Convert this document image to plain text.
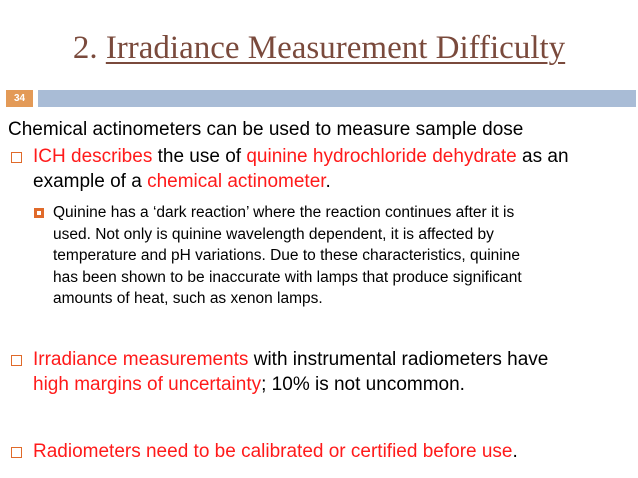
2. Irradiance Measurement Difficulty
34
Chemical actinometers can be used to measure sample dose
ICH describes the use of quinine hydrochloride dehydrate as an
example of a chemical actinometer.
Quinine has a ‘dark reaction’ where the reaction continues after it is
used. Not only is quinine wavelength dependent, it is affected by
temperature and pH variations. Due to these characteristics, quinine
has been shown to be inaccurate with lamps that produce significant
amounts of heat, such as xenon lamps.
Irradiance measurements with instrumental radiometers have
high margins of uncertainty; 10% is not uncommon.
Radiometers need to be calibrated or certified before use.
